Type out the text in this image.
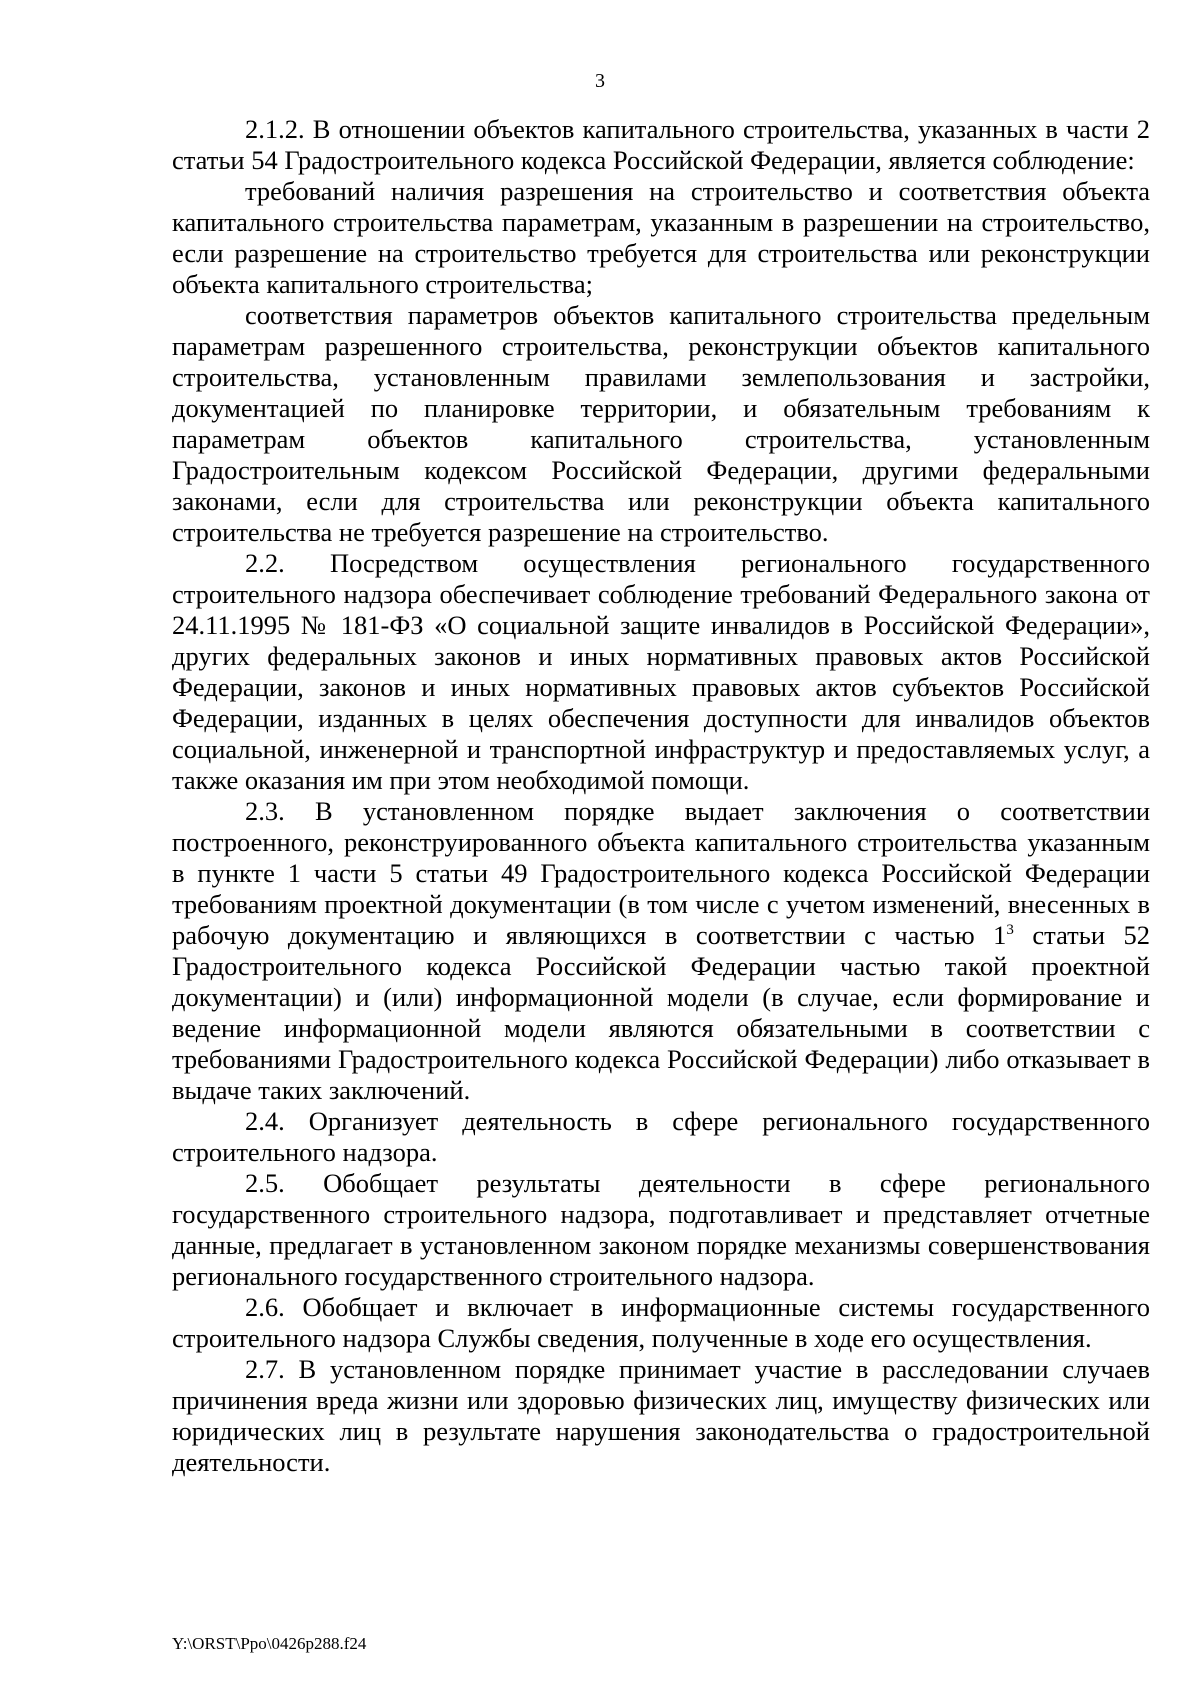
3

2.1.2. В отношении объектов капитального строительства, указанных в части 2 статьи 54 Градостроительного кодекса Российской Федерации, является соблюдение:

требований наличия разрешения на строительство и соответствия объекта капитального строительства параметрам, указанным в разрешении на строительство, если разрешение на строительство требуется для строительства или реконструкции объекта капитального строительства;

соответствия параметров объектов капитального строительства предельным параметрам разрешенного строительства, реконструкции объектов капитального строительства, установленным правилами землепользования и застройки, документацией по планировке территории, и обязательным требованиям к параметрам объектов капитального строительства, установленным Градостроительным кодексом Российской Федерации, другими федеральными законами, если для строительства или реконструкции объекта капитального строительства не требуется разрешение на строительство.

2.2. Посредством осуществления регионального государственного строительного надзора обеспечивает соблюдение требований Федерального закона от 24.11.1995 № 181-ФЗ «О социальной защите инвалидов в Российской Федерации», других федеральных законов и иных нормативных правовых актов Российской Федерации, законов и иных нормативных правовых актов субъектов Российской Федерации, изданных в целях обеспечения доступности для инвалидов объектов социальной, инженерной и транспортной инфраструктур и предоставляемых услуг, а также оказания им при этом необходимой помощи.

2.3. В установленном порядке выдает заключения о соответствии построенного, реконструированного объекта капитального строительства указанным в пункте 1 части 5 статьи 49 Градостроительного кодекса Российской Федерации требованиям проектной документации (в том числе с учетом изменений, внесенных в рабочую документацию и являющихся в соответствии с частью $1^3$ статьи 52 Градостроительного кодекса Российской Федерации частью такой проектной документации) и (или) информационной модели (в случае, если формирование и ведение информационной модели являются обязательными в соответствии с требованиями Градостроительного кодекса Российской Федерации) либо отказывает в выдаче таких заключений.

2.4. Организует деятельность в сфере регионального государственного строительного надзора.

2.5. Обобщает результаты деятельности в сфере регионального государственного строительного надзора, подготавливает и представляет отчетные данные, предлагает в установленном законом порядке механизмы совершенствования регионального государственного строительного надзора.

2.6. Обобщает и включает в информационные системы государственного строительного надзора Службы сведения, полученные в ходе его осуществления.

2.7. В установленном порядке принимает участие в расследовании случаев причинения вреда жизни или здоровью физических лиц, имуществу физических или юридических лиц в результате нарушения законодательства о градостроительной деятельности.

Y:\ORST\Ppo\0426p288.f24
